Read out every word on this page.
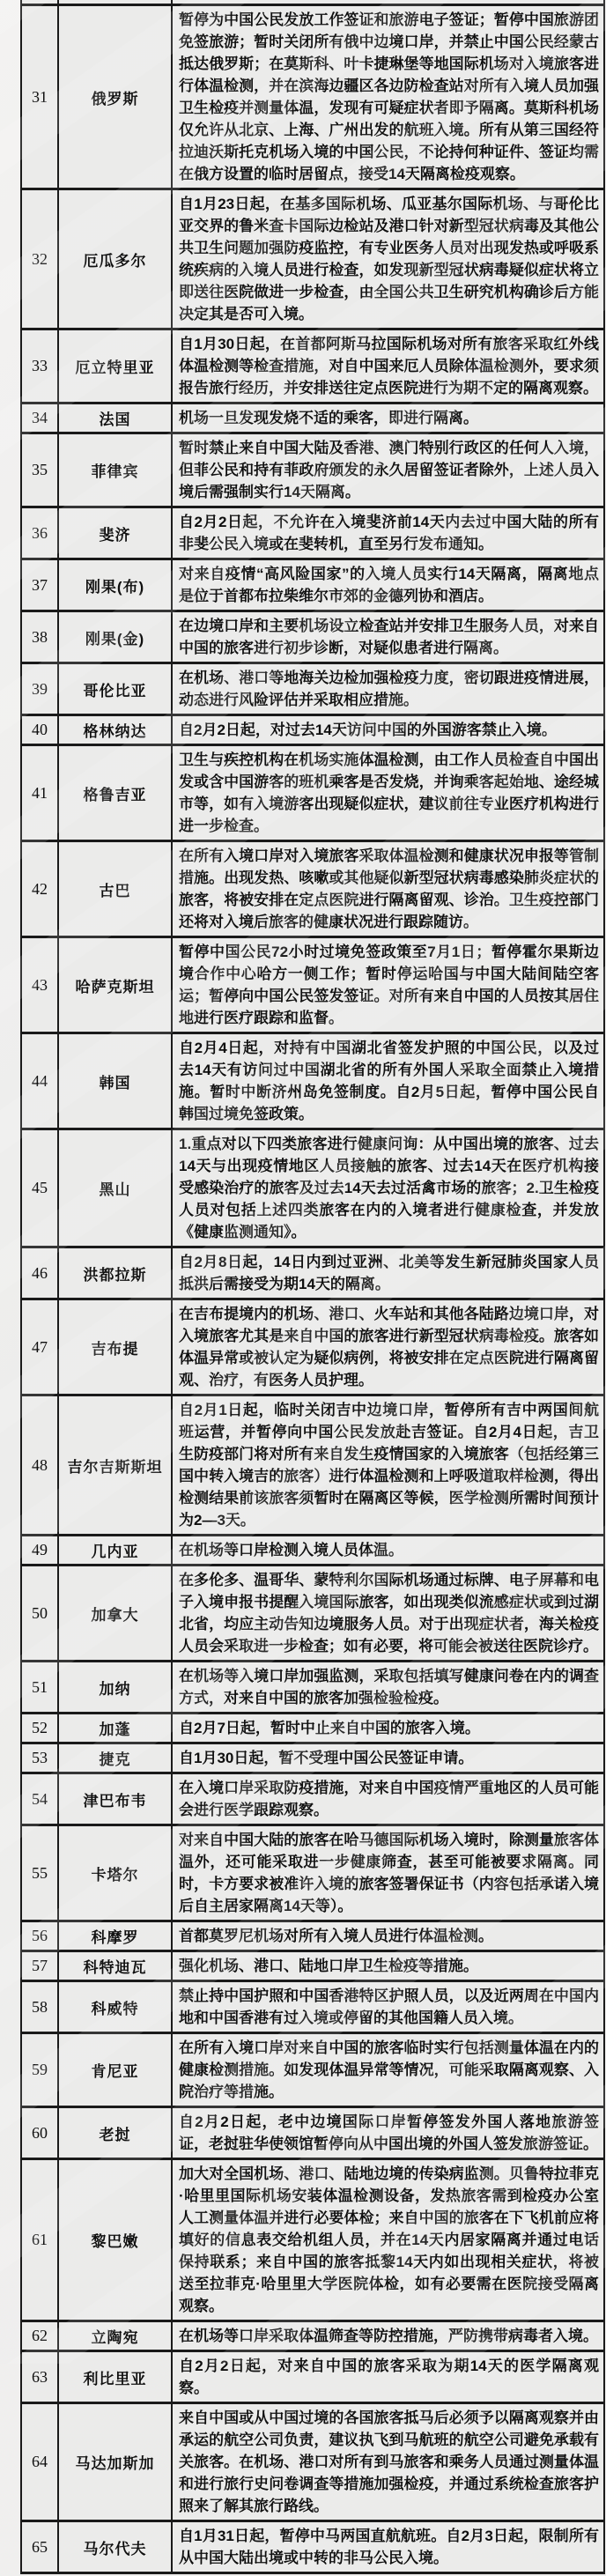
31	俄罗斯	暂停为中国公民发放工作签证和旅游电子签证；暂停中国旅游团免签旅游；暂时关闭所有俄中边境口岸，并禁止中国公民经蒙古抵达俄罗斯；在莫斯科、叶卡捷琳堡等地国际机场对入境旅客进行体温检测，并在滨海边疆区各边防检查站对所有入境人员加强卫生检疫并测量体温，发现有可疑症状者即予隔离。莫斯科机场仅允许从北京、上海、广州出发的航班入境。所有从第三国经符拉迪沃斯托克机场入境的中国公民，不论持何种证件、签证均需在俄方设置的临时居留点，接受14天隔离检疫观察。
32	厄瓜多尔	自1月23日起，在基多国际机场、瓜亚基尔国际机场、与哥伦比亚交界的鲁米查卡国际边检站及港口针对新型冠状病毒及其他公共卫生问题加强防疫监控，有专业医务人员对出现发热或呼吸系统疾病的入境人员进行检查，如发现新型冠状病毒疑似症状将立即送往医院做进一步检查，由全国公共卫生研究机构确诊后方能决定其是否可入境。
33	厄立特里亚	自1月30日起，在首都阿斯马拉国际机场对所有旅客采取红外线体温检测等检查措施，对自中国来厄人员除体温检测外，要求须报告旅行经历，并安排送往定点医院进行为期不定的隔离观察。
34	法国	机场一旦发现发烧不适的乘客，即进行隔离。
35	菲律宾	暂时禁止来自中国大陆及香港、澳门特别行政区的任何人入境，但菲公民和持有菲政府颁发的永久居留签证者除外，上述人员入境后需强制实行14天隔离。
36	斐济	自2月2日起，不允许在入境斐济前14天内去过中国大陆的所有非斐公民入境或在斐转机，直至另行发布通知。
37	刚果(布)	对来自疫情“高风险国家”的入境人员实行14天隔离，隔离地点是位于首都布拉柴维尔市郊的金德列协和酒店。
38	刚果(金)	在边境口岸和主要机场设立检查站并安排卫生服务人员，对来自中国的旅客进行初步诊断，对疑似患者进行隔离。
39	哥伦比亚	在机场、港口等地海关边检加强检疫力度，密切跟进疫情进展，动态进行风险评估并采取相应措施。
40	格林纳达	自2月2日起，对过去14天访问中国的外国游客禁止入境。
41	格鲁吉亚	卫生与疾控机构在机场实施体温检测，由工作人员检查自中国出发或含中国游客的班机乘客是否发烧，并询乘客起始地、途经城市等，如有入境游客出现疑似症状，建议前往专业医疗机构进行进一步检查。
42	古巴	在所有入境口岸对入境旅客采取体温检测和健康状况申报等管制措施。出现发热、咳嗽或其他疑似新型冠状病毒感染肺炎症状的旅客，将被安排在定点医院进行隔离留观、诊治。卫生疫控部门还将对入境后旅客的健康状况进行跟踪随访。
43	哈萨克斯坦	暂停中国公民72小时过境免签政策至7月1日；暂停霍尔果斯边境合作中心哈方一侧工作；暂时停运哈国与中国大陆间陆空客运；暂停向中国公民签发签证。对所有来自中国的人员按其居住地进行医疗跟踪和监督。
44	韩国	自2月4日起，对持有中国湖北省签发护照的中国公民，以及过去14天有访问过中国湖北省的所有外国人采取全面禁止入境措施。暂时中断济州岛免签制度。自2月5日起，暂停中国公民自韩国过境免签政策。
45	黑山	1.重点对以下四类旅客进行健康问询：从中国出境的旅客、过去14天与出现疫情地区人员接触的旅客、过去14天在医疗机构接受感染治疗的旅客及过去14天去过活禽市场的旅客；2.卫生检疫人员对包括上述四类旅客在内的入境者进行健康检查，并发放《健康监测通知》。
46	洪都拉斯	自2月8日起，14日内到过亚洲、北美等发生新冠肺炎国家人员抵洪后需接受为期14天的隔离。
47	吉布提	在吉布提境内的机场、港口、火车站和其他各陆路边境口岸，对入境旅客尤其是来自中国的旅客进行新型冠状病毒检疫。旅客如体温异常或被认定为疑似病例，将被安排在定点医院进行隔离留观、治疗，有医务人员护理。
48	吉尔吉斯斯坦	自2月1日起，临时关闭吉中边境口岸，暂停所有吉中两国间航班运营，并暂停向中国公民发放赴吉签证。自2月4日起，吉卫生防疫部门将对所有来自发生疫情国家的入境旅客（包括经第三国中转入境吉的旅客）进行体温检测和上呼吸道取样检测，得出检测结果前该旅客须暂时在隔离区等候，医学检测所需时间预计为2—3天。
49	几内亚	在机场等口岸检测入境人员体温。
50	加拿大	在多伦多、温哥华、蒙特利尔国际机场通过标牌、电子屏幕和电子入境申报书提醒入境国际旅客，如出现类似流感症状或到过湖北省，均应主动告知边境服务人员。对于出现症状者，海关检疫人员会采取进一步检查；如有必要，将可能会被送往医院诊疗。
51	加纳	在机场等入境口岸加强监测，采取包括填写健康问卷在内的调查方式，对来自中国的旅客加强检验检疫。
52	加蓬	自2月7日起，暂时中止来自中国的旅客入境。
53	捷克	自1月30日起，暂不受理中国公民签证申请。
54	津巴布韦	在入境口岸采取防疫措施，对来自中国疫情严重地区的人员可能会进行医学跟踪观察。
55	卡塔尔	对来自中国大陆的旅客在哈马德国际机场入境时，除测量旅客体温外，还可能采取进一步健康筛查，甚至可能被要求隔离。同时，卡方要求被准许入境的旅客签署保证书（内容包括承诺入境后自主居家隔离14天等）。
56	科摩罗	首都莫罗尼机场对所有入境人员进行体温检测。
57	科特迪瓦	强化机场、港口、陆地口岸卫生检疫等措施。
58	科威特	禁止持中国护照和中国香港特区护照人员，以及近两周在中国内地和中国香港有过入境或停留的其他国籍人员入境。
59	肯尼亚	在所有入境口岸对来自中国的旅客临时实行包括测量体温在内的健康检测措施。如发现体温异常等情况，可能采取隔离观察、入院治疗等措施。
60	老挝	自2月2日起，老中边境国际口岸暂停签发外国人落地旅游签证，老挝驻华使领馆暂停向从中国出境的外国人签发旅游签证。
61	黎巴嫩	加大对全国机场、港口、陆地边境的传染病监测。贝鲁特拉菲克·哈里里国际机场安装体温检测设备，发热旅客需到检疫办公室人工测量体温并进行必要体检；来自中国的旅客在下飞机前应将填好的信息表交给机组人员，并在14天内居家隔离并通过电话保持联系；来自中国的旅客抵黎14天内如出现相关症状，将被送至拉菲克·哈里里大学医院体检，如有必要需在医院接受隔离观察。
62	立陶宛	在机场等口岸采取体温筛查等防控措施，严防携带病毒者入境。
63	利比里亚	自2月2日起，对来自中国的旅客采取为期14天的医学隔离观察。
64	马达加斯加	来自中国或从中国过境的各国旅客抵马后必须予以隔离观察并由承运的航空公司负责，建议执飞到马航班的航空公司避免承载有关旅客。在机场、港口对所有到马旅客和乘务人员通过测量体温和进行旅行史问卷调查等措施加强检疫，并通过系统检查旅客护照来了解其旅行路线。
65	马尔代夫	自1月31日起，暂停中马两国直航航班。自2月3日起，限制所有从中国大陆出境或中转的非马公民入境。
